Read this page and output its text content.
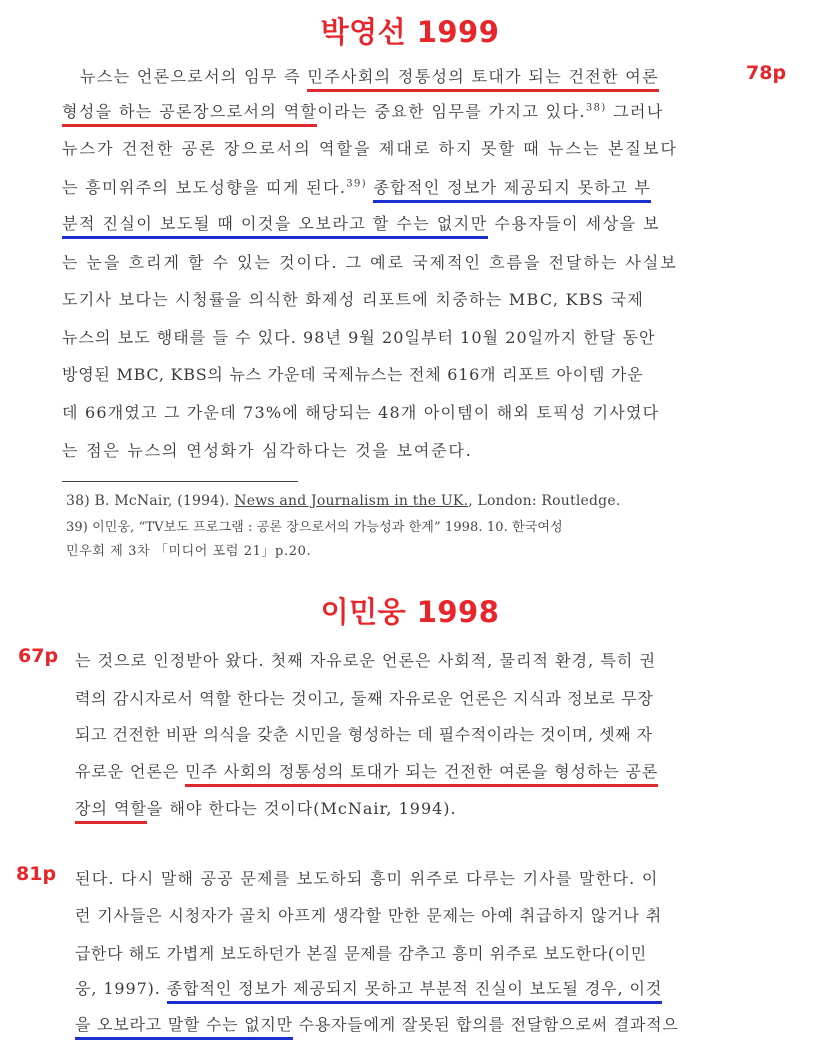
박영선 1999
78p
뉴스는 언론으로서의 임무 즉 민주사회의 정통성의 토대가 되는 건전한 여론
형성을 하는 공론장으로서의 역할이라는 중요한 임무를 가지고 있다.$^{38)}$ 그러나
뉴스가 건전한 공론 장으로서의 역할을 제대로 하지 못할 때 뉴스는 본질보다
는 흥미위주의 보도성향을 띠게 된다.$^{39)}$ 종합적인 정보가 제공되지 못하고 부
분적 진실이 보도될 때 이것을 오보라고 할 수는 없지만 수용자들이 세상을 보
는 눈을 흐리게 할 수 있는 것이다. 그 예로 국제적인 흐름을 전달하는 사실보
도기사 보다는 시청률을 의식한 화제성 리포트에 치중하는 MBC, KBS 국제
뉴스의 보도 행태를 들 수 있다. 98년 9월 20일부터 10월 20일까지 한달 동안
방영된 MBC, KBS의 뉴스 가운데 국제뉴스는 전체 616개 리포트 아이템 가운
데 66개였고 그 가운데 73%에 해당되는 48개 아이템이 해외 토픽성 기사였다
는 점은 뉴스의 연성화가 심각하다는 것을 보여준다.
38) B. McNair, (1994). News and Journalism in the UK., London: Routledge.
39) 이민웅, “TV보도 프로그램 : 공론 장으로서의 가능성과 한계” 1998. 10. 한국여성
민우회 제 3차 「미디어 포럼 21」p.20.
이민웅 1998
67p 는 것으로 인정받아 왔다. 첫째 자유로운 언론은 사회적, 물리적 환경, 특히 권
력의 감시자로서 역할 한다는 것이고, 둘째 자유로운 언론은 지식과 정보로 무장
되고 건전한 비판 의식을 갖춘 시민을 형성하는 데 필수적이라는 것이며, 셋째 자
유로운 언론은 민주 사회의 정통성의 토대가 되는 건전한 여론을 형성하는 공론
장의 역할을 해야 한다는 것이다(McNair, 1994).
81p 된다. 다시 말해 공공 문제를 보도하되 흥미 위주로 다루는 기사를 말한다. 이
런 기사들은 시청자가 골치 아프게 생각할 만한 문제는 아예 취급하지 않거나 취
급한다 해도 가볍게 보도하던가 본질 문제를 감추고 흥미 위주로 보도한다(이민
웅, 1997). 종합적인 정보가 제공되지 못하고 부분적 진실이 보도될 경우, 이것
을 오보라고 말할 수는 없지만 수용자들에게 잘못된 합의를 전달함으로써 결과적으
